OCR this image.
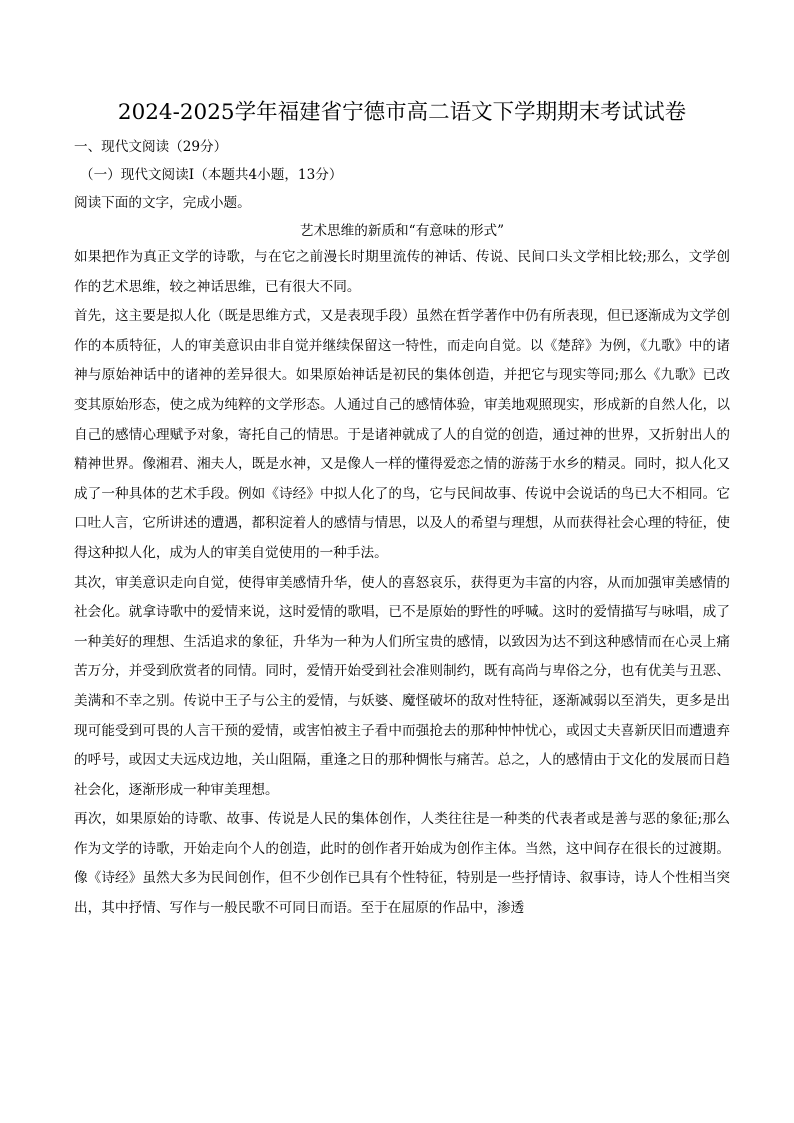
2024-2025学年福建省宁德市高二语文下学期期末考试试卷
一、现代文阅读（29分）
（一）现代文阅读Ⅰ（本题共4小题，13分）
阅读下面的文字，完成小题。
艺术思维的新质和“有意味的形式”

如果把作为真正文学的诗歌，与在它之前漫长时期里流传的神话、传说、民间口头文学相比较;那么，文学创作的艺术思维，较之神话思维，已有很大不同。

首先，这主要是拟人化（既是思维方式，又是表现手段）虽然在哲学著作中仍有所表现，但已逐渐成为文学创作的本质特征，人的审美意识由非自觉并继续保留这一特性，而走向自觉。以《楚辞》为例，《九歌》中的诸神与原始神话中的诸神的差异很大。如果原始神话是初民的集体创造，并把它与现实等同;那么《九歌》已改变其原始形态，使之成为纯粹的文学形态。人通过自己的感情体验，审美地观照现实，形成新的自然人化，以自己的感情心理赋予对象，寄托自己的情思。于是诸神就成了人的自觉的创造，通过神的世界，又折射出人的精神世界。像湘君、湘夫人，既是水神，又是像人一样的懂得爱恋之情的游荡于水乡的精灵。同时，拟人化又成了一种具体的艺术手段。例如《诗经》中拟人化了的鸟，它与民间故事、传说中会说话的鸟已大不相同。它口吐人言，它所讲述的遭遇，都积淀着人的感情与情思，以及人的希望与理想，从而获得社会心理的特征，使得这种拟人化，成为人的审美自觉使用的一种手法。

其次，审美意识走向自觉，使得审美感情升华，使人的喜怒哀乐，获得更为丰富的内容，从而加强审美感情的社会化。就拿诗歌中的爱情来说，这时爱情的歌唱，已不是原始的野性的呼喊。这时的爱情描写与咏唱，成了一种美好的理想、生活追求的象征，升华为一种为人们所宝贵的感情，以致因为达不到这种感情而在心灵上痛苦万分，并受到欣赏者的同情。同时，爱情开始受到社会准则制约，既有高尚与卑俗之分，也有优美与丑恶、美满和不幸之别。传说中王子与公主的爱情，与妖婆、魔怪破坏的敌对性特征，逐渐减弱以至消失，更多是出现可能受到可畏的人言干预的爱情，或害怕被主子看中而强抢去的那种忡忡忧心，或因丈夫喜新厌旧而遭遗弃的呼号，或因丈夫远戍边地，关山阻隔，重逢之日的那种惆怅与痛苦。总之，人的感情由于文化的发展而日趋社会化，逐渐形成一种审美理想。

再次，如果原始的诗歌、故事、传说是人民的集体创作，人类往往是一种类的代表者或是善与恶的象征;那么作为文学的诗歌，开始走向个人的创造，此时的创作者开始成为创作主体。当然，这中间存在很长的过渡期。像《诗经》虽然大多为民间创作，但不少创作已具有个性特征，特别是一些抒情诗、叙事诗，诗人个性相当突出，其中抒情、写作与一般民歌不可同日而语。至于在屈原的作品中，渗透
